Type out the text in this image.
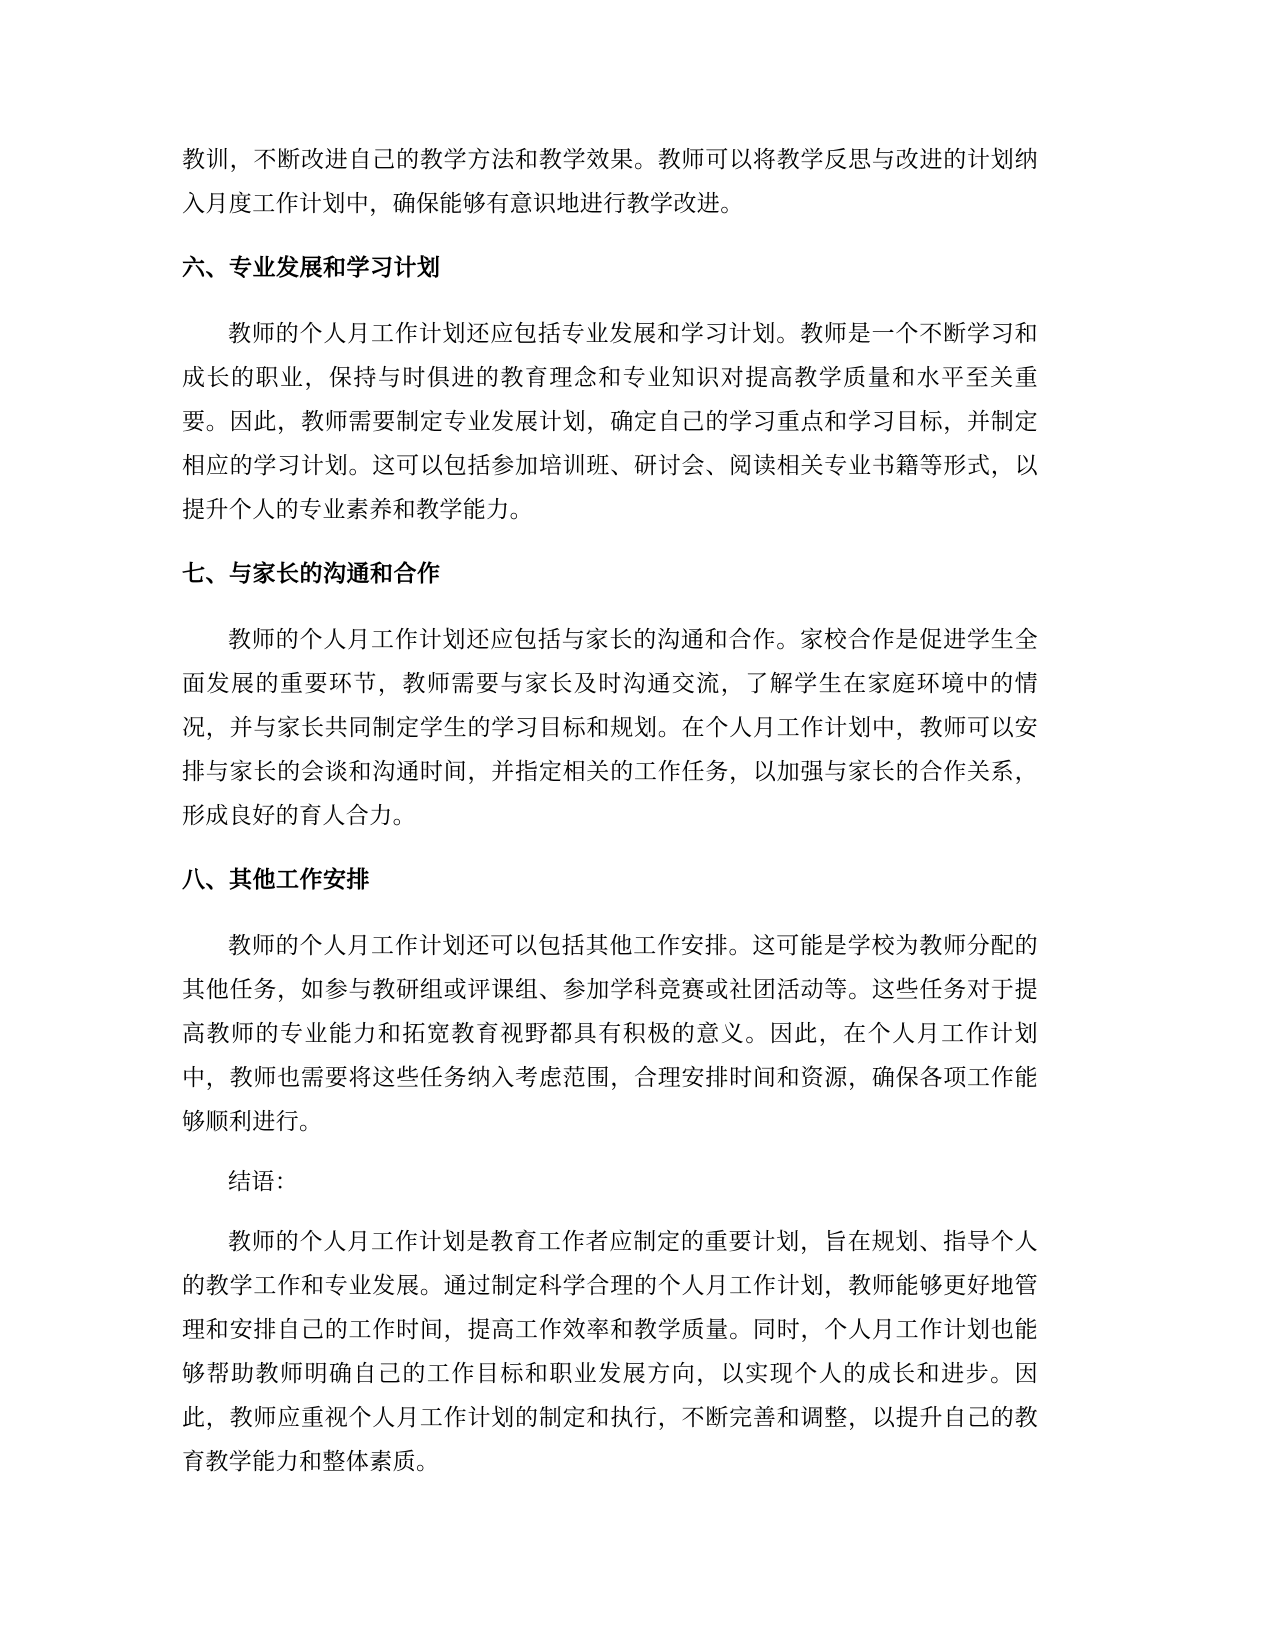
教训，不断改进自己的教学方法和教学效果。教师可以将教学反思与改进的计划纳入月度工作计划中，确保能够有意识地进行教学改进。

六、专业发展和学习计划

教师的个人月工作计划还应包括专业发展和学习计划。教师是一个不断学习和成长的职业，保持与时俱进的教育理念和专业知识对提高教学质量和水平至关重要。因此，教师需要制定专业发展计划，确定自己的学习重点和学习目标，并制定相应的学习计划。这可以包括参加培训班、研讨会、阅读相关专业书籍等形式，以提升个人的专业素养和教学能力。

七、与家长的沟通和合作

教师的个人月工作计划还应包括与家长的沟通和合作。家校合作是促进学生全面发展的重要环节，教师需要与家长及时沟通交流，了解学生在家庭环境中的情况，并与家长共同制定学生的学习目标和规划。在个人月工作计划中，教师可以安排与家长的会谈和沟通时间，并指定相关的工作任务，以加强与家长的合作关系，形成良好的育人合力。

八、其他工作安排

教师的个人月工作计划还可以包括其他工作安排。这可能是学校为教师分配的其他任务，如参与教研组或评课组、参加学科竞赛或社团活动等。这些任务对于提高教师的专业能力和拓宽教育视野都具有积极的意义。因此，在个人月工作计划中，教师也需要将这些任务纳入考虑范围，合理安排时间和资源，确保各项工作能够顺利进行。

结语：

教师的个人月工作计划是教育工作者应制定的重要计划，旨在规划、指导个人的教学工作和专业发展。通过制定科学合理的个人月工作计划，教师能够更好地管理和安排自己的工作时间，提高工作效率和教学质量。同时，个人月工作计划也能够帮助教师明确自己的工作目标和职业发展方向，以实现个人的成长和进步。因此，教师应重视个人月工作计划的制定和执行，不断完善和调整，以提升自己的教育教学能力和整体素质。
